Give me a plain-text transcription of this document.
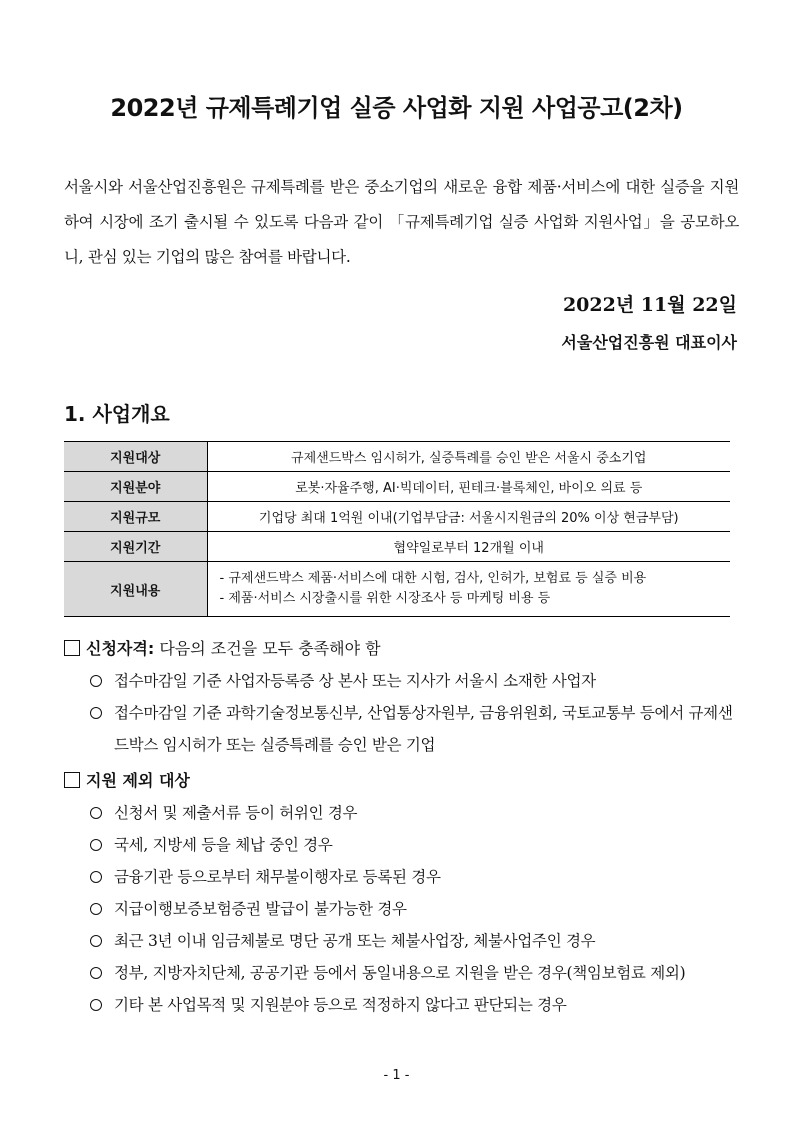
2022년 규제특례기업 실증 사업화 지원 사업공고(2차)

서울시와 서울산업진흥원은 규제특례를 받은 중소기업의 새로운 융합 제품·서비스에 대한 실증을 지원하여 시장에 조기 출시될 수 있도록 다음과 같이 「규제특례기업 실증 사업화 지원사업」을 공모하오니, 관심 있는 기업의 많은 참여를 바랍니다.

2022년 11월 22일
서울산업진흥원 대표이사
1. 사업개요
지원대상	규제샌드박스 임시허가, 실증특례를 승인 받은 서울시 중소기업
지원분야	로봇·자율주행, AI·빅데이터, 핀테크·블록체인, 바이오 의료 등
지원규모	기업당 최대 1억원 이내(기업부담금: 서울시지원금의 20% 이상 현금부담)
지원기간	협약일로부터 12개월 이내
지원내용	- 규제샌드박스 제품·서비스에 대한 시험, 검사, 인허가, 보험료 등 실증 비용
- 제품·서비스 시장출시를 위한 시장조사 등 마케팅 비용 등
신청자격: 다음의 조건을 모두 충족해야 함
접수마감일 기준 사업자등록증 상 본사 또는 지사가 서울시 소재한 사업자
접수마감일 기준 과학기술정보통신부, 산업통상자원부, 금융위원회, 국토교통부 등에서 규제샌드박스 임시허가 또는 실증특례를 승인 받은 기업
지원 제외 대상
신청서 및 제출서류 등이 허위인 경우
국세, 지방세 등을 체납 중인 경우
금융기관 등으로부터 채무불이행자로 등록된 경우
지급이행보증보험증권 발급이 불가능한 경우
최근 3년 이내 임금체불로 명단 공개 또는 체불사업장, 체불사업주인 경우
정부, 지방자치단체, 공공기관 등에서 동일내용으로 지원을 받은 경우(책임보험료 제외)
기타 본 사업목적 및 지원분야 등으로 적정하지 않다고 판단되는 경우
- 1 -
